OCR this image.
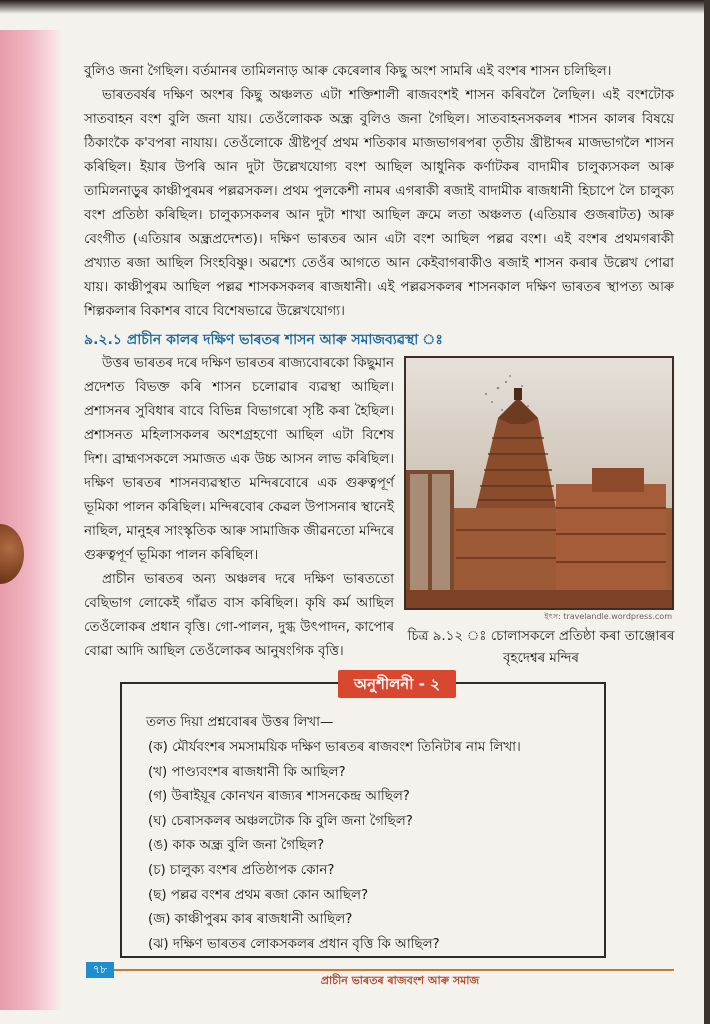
বুলিও জনা গৈছিল। বৰ্তমানৰ তামিলনাড় আৰু কেৰেলাৰ কিছু অংশ সামৰি এই বংশৰ শাসন চলিছিল।

ভাৰতবৰ্ষৰ দক্ষিণ অংশৰ কিছু অঞ্চলত এটা শক্তিশালী ৰাজবংশই শাসন কৰিবলৈ লৈছিল। এই বংশটোক সাতবাহন বংশ বুলি জনা যায়। তেওঁলোকক অন্ধ্ৰ বুলিও জনা গৈছিল। সাতবাহনসকলৰ শাসন কালৰ বিষয়ে ঠিকাংকৈ ক'বপৰা নাযায়। তেওঁলোকে খ্ৰীষ্টপূৰ্ব প্ৰথম শতিকাৰ মাজভাগৰপৰা তৃতীয় খ্ৰীষ্টাব্দৰ মাজভাগলৈ শাসন কৰিছিল। ইয়াৰ উপৰি আন দুটা উল্লেখযোগ্য বংশ আছিল আধুনিক কৰ্ণাটকৰ বাদামীৰ চালুক্যসকল আৰু তামিলনাড়ুৰ কাঞ্চীপুৰমৰ পল্লৱসকল। প্ৰথম পুলকেশী নামৰ এগৰাকী ৰজাই বাদামীক ৰাজধানী হিচাপে লৈ চালুক্য বংশ প্ৰতিষ্ঠা কৰিছিল। চালুক্যসকলৰ আন দুটা শাখা আছিল ক্ৰমে লতা অঞ্চলত (এতিয়াৰ গুজৰাটত) আৰু বেংগীত (এতিয়াৰ অন্ধ্ৰপ্ৰদেশত)। দক্ষিণ ভাৰতৰ আন এটা বংশ আছিল পল্লৱ বংশ। এই বংশৰ প্ৰথমগৰাকী প্ৰখ্যাত ৰজা আছিল সিংহবিষ্ণু। অৱশ্যে তেওঁৰ আগতে আন কেইবাগৰাকীও ৰজাই শাসন কৰাৰ উল্লেখ পোৱা যায়। কাঞ্চীপুৰম আছিল পল্লৱ শাসকসকলৰ ৰাজধানী। এই পল্লৱসকলৰ শাসনকাল দক্ষিণ ভাৰতৰ স্থাপত্য আৰু শিল্পকলাৰ বিকাশৰ বাবে বিশেষভাৱে উল্লেখযোগ্য।

৯.২.১ প্ৰাচীন কালৰ দক্ষিণ ভাৰতৰ শাসন আৰু সমাজব্যৱস্থা ঃ
ইৎস: travelandle.wordpress.com
চিত্ৰ ৯.১২ ঃ চোলাসকলে প্ৰতিষ্ঠা কৰা তাঞ্জোৰৰ বৃহদেশ্বৰ মন্দিৰ

উত্তৰ ভাৰতৰ দৰে দক্ষিণ ভাৰতৰ ৰাজ্যবোৰকো কিছুমান প্ৰদেশত বিভক্ত কৰি শাসন চলোৱাৰ ব্যৱস্থা আছিল। প্ৰশাসনৰ সুবিধাৰ বাবে বিভিন্ন বিভাগৰো সৃষ্টি কৰা হৈছিল। প্ৰশাসনত মহিলাসকলৰ অংশগ্ৰহণো আছিল এটা বিশেষ দিশ। ব্ৰাহ্মণসকলে সমাজত এক উচ্চ আসন লাভ কৰিছিল। দক্ষিণ ভাৰতৰ শাসনব্যৱস্থাত মন্দিৰবোৰে এক গুৰুত্বপূৰ্ণ ভূমিকা পালন কৰিছিল। মন্দিৰবোৰ কেৱল উপাসনাৰ স্থানেই নাছিল, মানুহৰ সাংস্কৃতিক আৰু সামাজিক জীৱনতো মন্দিৰে গুৰুত্বপূৰ্ণ ভূমিকা পালন কৰিছিল।

প্ৰাচীন ভাৰতৰ অন্য অঞ্চলৰ দৰে দক্ষিণ ভাৰততো বেছিভাগ লোকেই গাঁৱত বাস কৰিছিল। কৃষি কৰ্ম আছিল তেওঁলোকৰ প্ৰধান বৃত্তি। গো-পালন, দুগ্ধ উৎপাদন, কাপোৰ বোৱা আদি আছিল তেওঁলোকৰ আনুষংগিক বৃত্তি।

অনুশীলনী - ২
তলত দিয়া প্ৰশ্নবোৰৰ উত্তৰ লিখা—
(ক) মৌৰ্যবংশৰ সমসাময়িক দক্ষিণ ভাৰতৰ ৰাজবংশ তিনিটাৰ নাম লিখা।
(খ) পাণ্ড্যবংশৰ ৰাজধানী কি আছিল?
(গ) উৰাইয়ূৰ কোনখন ৰাজ্যৰ শাসনকেন্দ্ৰ আছিল?
(ঘ) চেৰাসকলৰ অঞ্চলটোক কি বুলি জনা গৈছিল?
(ঙ) কাক অন্ধ্ৰ বুলি জনা গৈছিল?
(চ) চালুক্য বংশৰ প্ৰতিষ্ঠাপক কোন?
(ছ) পল্লৱ বংশৰ প্ৰথম ৰজা কোন আছিল?
(জ) কাঞ্চীপুৰম কাৰ ৰাজধানী আছিল?
(ঝ) দক্ষিণ ভাৰতৰ লোকসকলৰ প্ৰধান বৃত্তি কি আছিল?
৭৮
প্ৰাচীন ভাৰতৰ ৰাজবংশ আৰু সমাজ
